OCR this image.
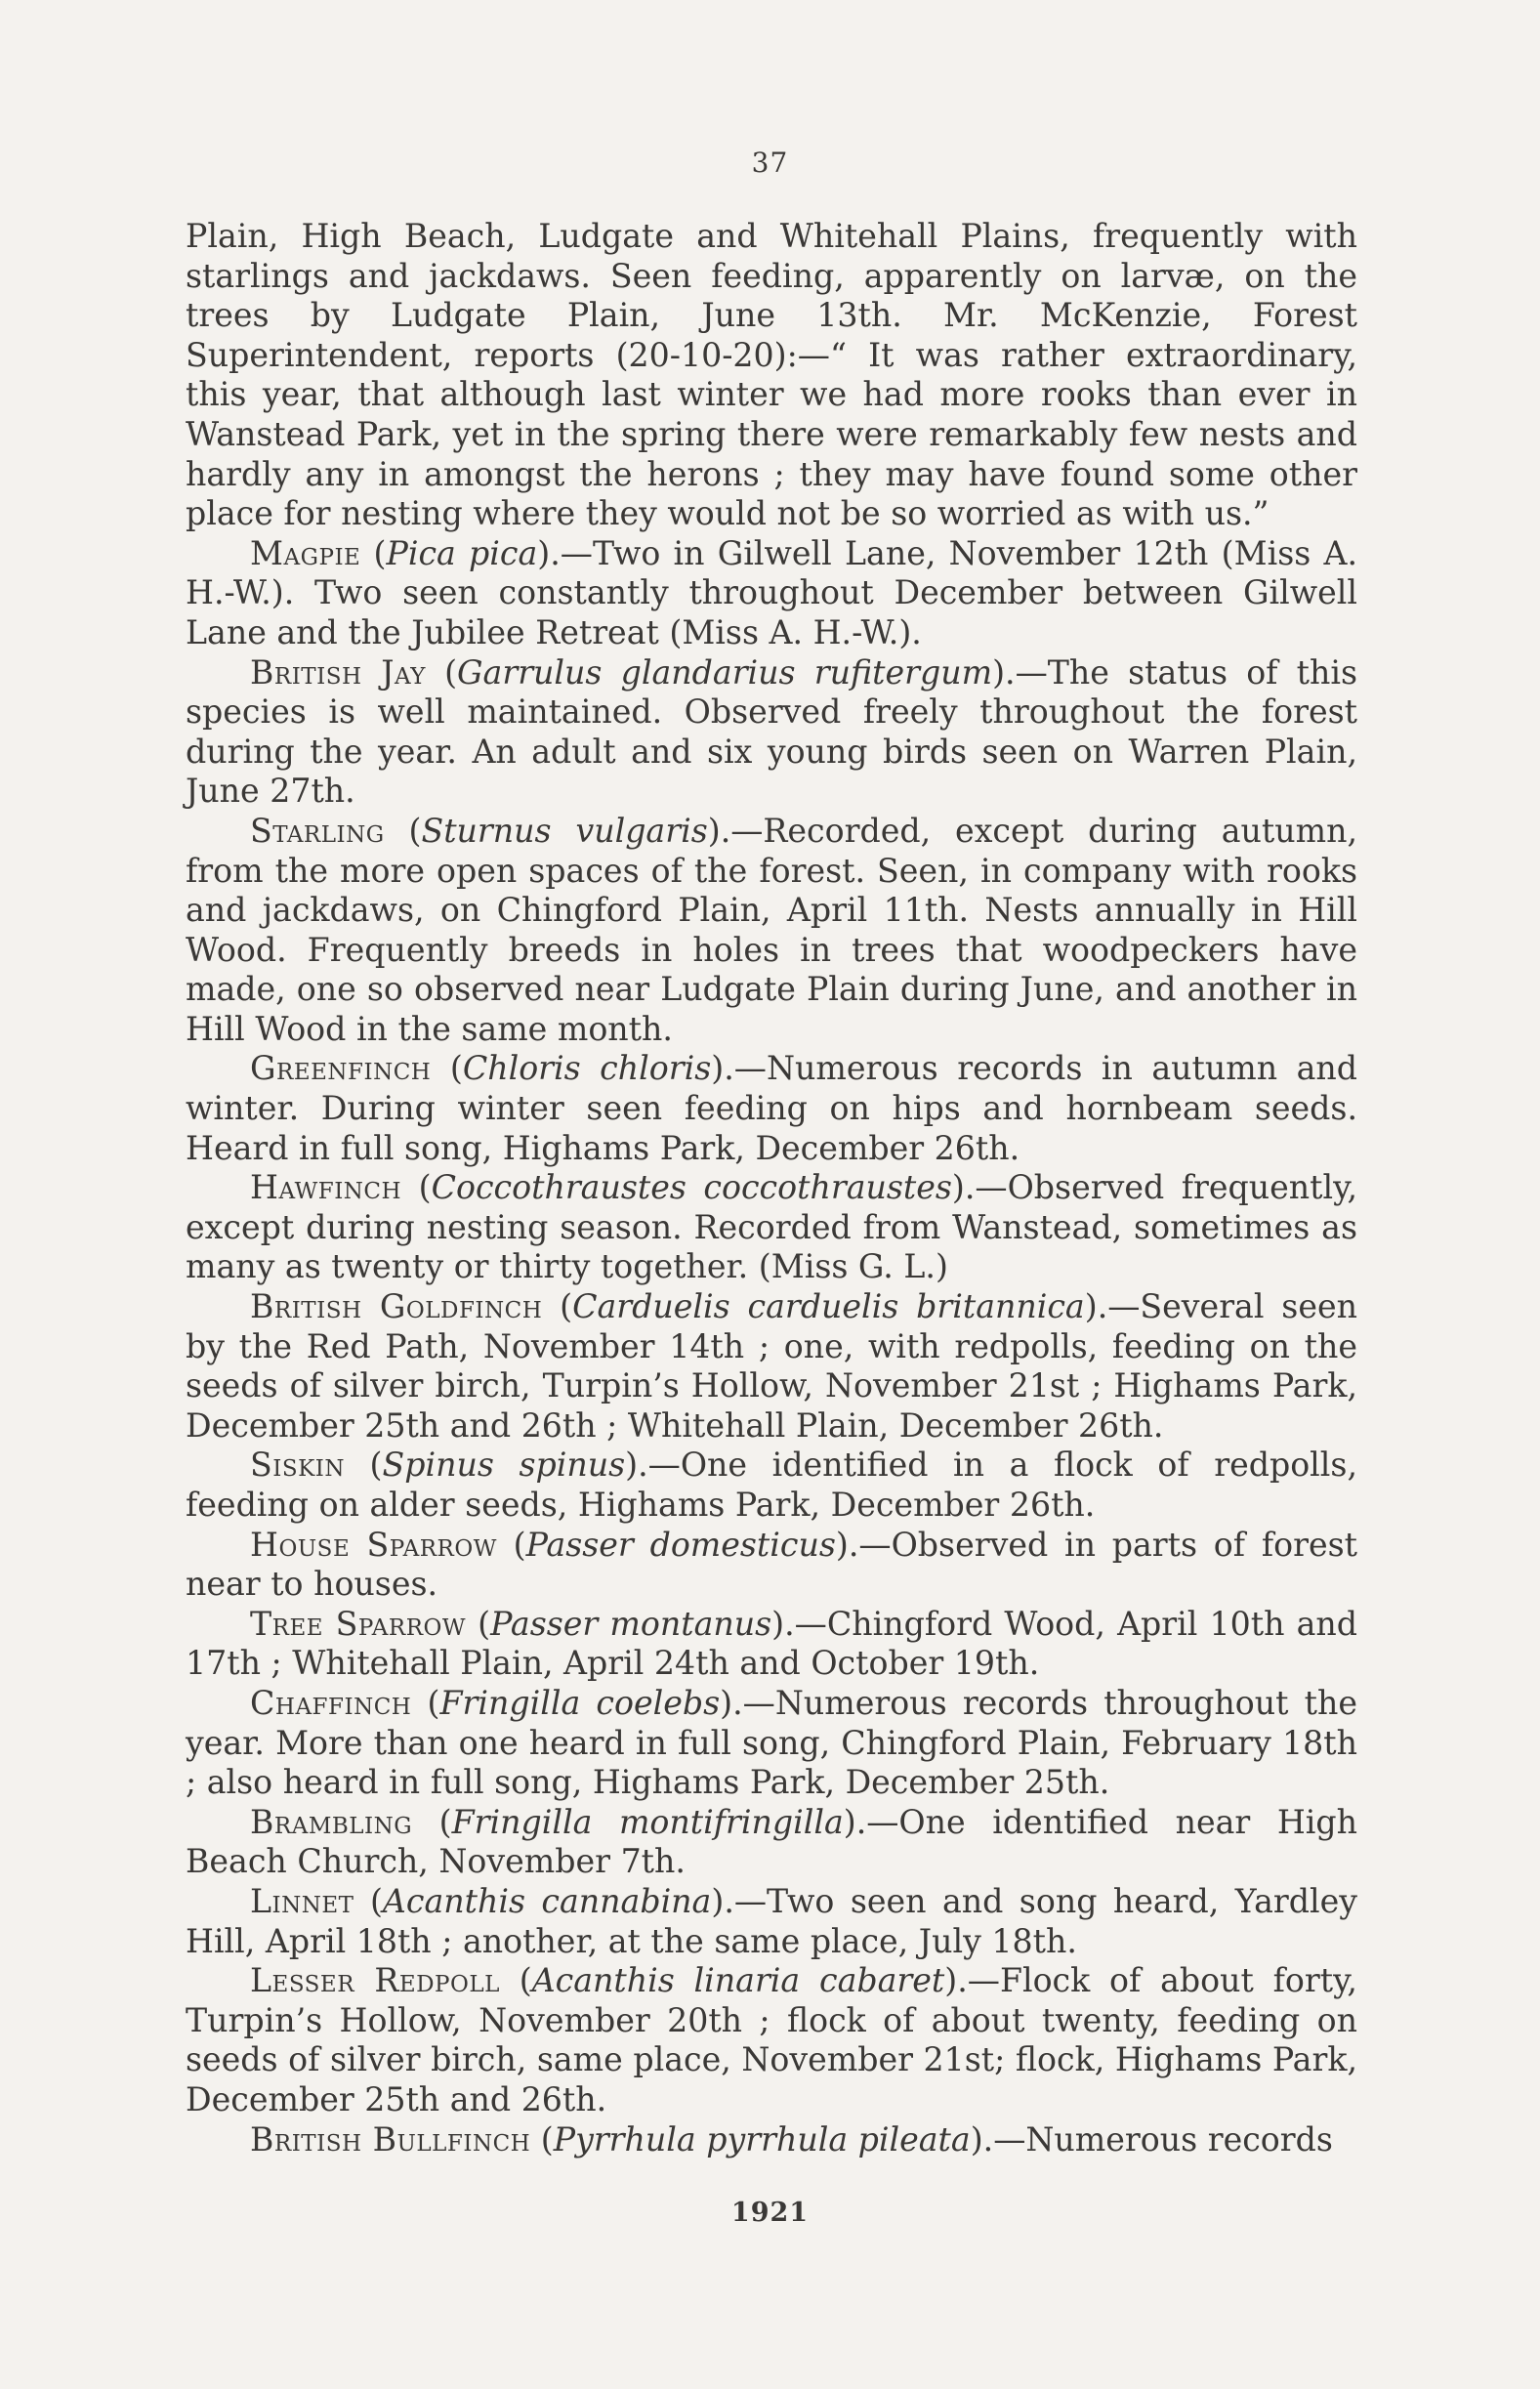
37

Plain, High Beach, Ludgate and Whitehall Plains, frequently with starlings and jackdaws. Seen feeding, apparently on larvæ, on the trees by Ludgate Plain, June 13th. Mr. McKenzie, Forest Superintendent, reports (20-10-20):—“ It was rather extraordinary, this year, that although last winter we had more rooks than ever in Wanstead Park, yet in the spring there were remarkably few nests and hardly any in amongst the herons ; they may have found some other place for nesting where they would not be so worried as with us.”

Magpie (Pica pica).—Two in Gilwell Lane, November 12th (Miss A. H.-W.). Two seen constantly throughout December between Gilwell Lane and the Jubilee Retreat (Miss A. H.-W.).

British Jay (Garrulus glandarius rufitergum).—The status of this species is well maintained. Observed freely throughout the forest during the year. An adult and six young birds seen on Warren Plain, June 27th.

Starling (Sturnus vulgaris).—Recorded, except during autumn, from the more open spaces of the forest. Seen, in company with rooks and jackdaws, on Chingford Plain, April 11th. Nests annually in Hill Wood. Frequently breeds in holes in trees that woodpeckers have made, one so observed near Ludgate Plain during June, and another in Hill Wood in the same month.

Greenfinch (Chloris chloris).—Numerous records in autumn and winter. During winter seen feeding on hips and hornbeam seeds. Heard in full song, Highams Park, December 26th.

Hawfinch (Coccothraustes coccothraustes).—Observed frequently, except during nesting season. Recorded from Wanstead, sometimes as many as twenty or thirty together. (Miss G. L.)

British Goldfinch (Carduelis carduelis britannica).—Several seen by the Red Path, November 14th ; one, with redpolls, feeding on the seeds of silver birch, Turpin’s Hollow, November 21st ; Highams Park, December 25th and 26th ; Whitehall Plain, December 26th.

Siskin (Spinus spinus).—One identified in a flock of redpolls, feeding on alder seeds, Highams Park, December 26th.

House Sparrow (Passer domesticus).—Observed in parts of forest near to houses.

Tree Sparrow (Passer montanus).—Chingford Wood, April 10th and 17th ; Whitehall Plain, April 24th and October 19th.

Chaffinch (Fringilla coelebs).—Numerous records throughout the year. More than one heard in full song, Chingford Plain, February 18th ; also heard in full song, Highams Park, December 25th.

Brambling (Fringilla montifringilla).—One identified near High Beach Church, November 7th.

Linnet (Acanthis cannabina).—Two seen and song heard, Yardley Hill, April 18th ; another, at the same place, July 18th.

Lesser Redpoll (Acanthis linaria cabaret).—Flock of about forty, Turpin’s Hollow, November 20th ; flock of about twenty, feeding on seeds of silver birch, same place, November 21st; flock, Highams Park, December 25th and 26th.

British Bullfinch (Pyrrhula pyrrhula pileata).—Numerous records

1921
